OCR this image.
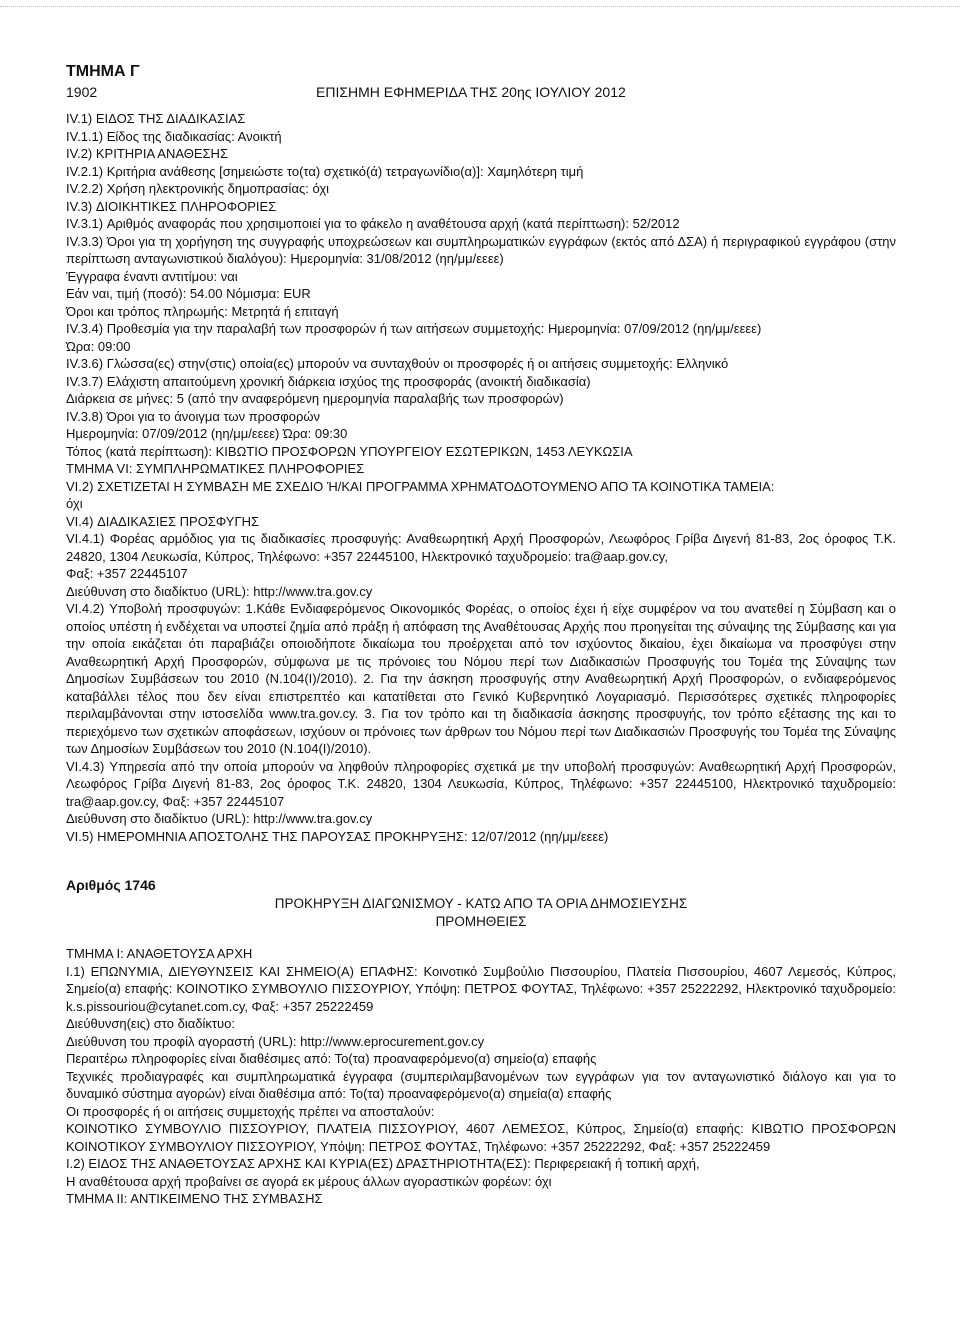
ΤΜΗΜΑ Γ

1902	ΕΠΙΣΗΜΗ ΕΦΗΜΕΡΙΔΑ ΤΗΣ 20ης ΙΟΥΛΙΟΥ 2012

IV.1) ΕΙΔΟΣ ΤΗΣ ΔΙΑΔΙΚΑΣΙΑΣ

IV.1.1) Είδος της διαδικασίας: Ανοικτή

IV.2) ΚΡΙΤΗΡΙΑ ΑΝΑΘΕΣΗΣ

IV.2.1) Κριτήρια ανάθεσης [σημειώστε το(τα) σχετικό(ά) τετραγωνίδιο(α)]: Χαμηλότερη τιμή

IV.2.2) Χρήση ηλεκτρονικής δημοπρασίας: όχι

IV.3) ΔΙΟΙΚΗΤΙΚΕΣ ΠΛΗΡΟΦΟΡΙΕΣ

IV.3.1) Αριθμός αναφοράς που χρησιμοποιεί για το φάκελο η αναθέτουσα αρχή (κατά περίπτωση): 52/2012

IV.3.3) Όροι για τη χορήγηση της συγγραφής υποχρεώσεων και συμπληρωματικών εγγράφων (εκτός από ΔΣΑ) ή περιγραφικού εγγράφου (στην περίπτωση ανταγωνιστικού διαλόγου): Ημερομηνία: 31/08/2012 (ηη/μμ/εεεε)

Έγγραφα έναντι αντιτίμου: ναι

Εάν ναι, τιμή (ποσό): 54.00 Νόμισμα: EUR

Όροι και τρόπος πληρωμής: Μετρητά ή επιταγή

IV.3.4) Προθεσμία για την παραλαβή των προσφορών ή των αιτήσεων συμμετοχής: Ημερομηνία: 07/09/2012 (ηη/μμ/εεεε)

Ώρα: 09:00

IV.3.6) Γλώσσα(ες) στην(στις) οποία(ες) μπορούν να συνταχθούν οι προσφορές ή οι αιτήσεις συμμετοχής: Ελληνικό

IV.3.7) Ελάχιστη απαιτούμενη χρονική διάρκεια ισχύος της προσφοράς (ανοικτή διαδικασία)

Διάρκεια σε μήνες: 5 (από την αναφερόμενη ημερομηνία παραλαβής των προσφορών)

IV.3.8) Όροι για το άνοιγμα των προσφορών

Ημερομηνία: 07/09/2012 (ηη/μμ/εεεε) Ώρα: 09:30

Τόπος (κατά περίπτωση): ΚΙΒΩΤΙΟ ΠΡΟΣΦΟΡΩΝ ΥΠΟΥΡΓΕΙΟΥ ΕΣΩΤΕΡΙΚΩΝ, 1453 ΛΕΥΚΩΣΙΑ

ΤΜΗΜΑ VI: ΣΥΜΠΛΗΡΩΜΑΤΙΚΕΣ ΠΛΗΡΟΦΟΡΙΕΣ

VI.2) ΣΧΕΤΙΖΕΤΑΙ Η ΣΥΜΒΑΣΗ ΜΕ ΣΧΕΔΙΟ Ή/ΚΑΙ ΠΡΟΓΡΑΜΜΑ ΧΡΗΜΑΤΟΔΟΤΟΥΜΕΝΟ ΑΠΟ ΤΑ ΚΟΙΝΟΤΙΚΑ ΤΑΜΕΙΑ:

όχι

VI.4) ΔΙΑΔΙΚΑΣΙΕΣ ΠΡΟΣΦΥΓΗΣ

VI.4.1) Φορέας αρμόδιος για τις διαδικασίες προσφυγής: Αναθεωρητική Αρχή Προσφορών, Λεωφόρος Γρίβα Διγενή 81-83, 2ος όροφος Τ.Κ. 24820, 1304 Λευκωσία, Κύπρος, Τηλέφωνο: +357 22445100, Ηλεκτρονικό ταχυδρομείο: tra@aap.gov.cy,

Φαξ: +357 22445107

Διεύθυνση στο διαδίκτυο (URL): http://www.tra.gov.cy

VI.4.2) Υποβολή προσφυγών: 1.Κάθε Ενδιαφερόμενος Οικονομικός Φορέας, ο οποίος έχει ή είχε συμφέρον να του ανατεθεί η Σύμβαση και ο οποίος υπέστη ή ενδέχεται να υποστεί ζημία από πράξη ή απόφαση της Αναθέτουσας Αρχής που προηγείται της σύναψης της Σύμβασης και για την οποία εικάζεται ότι παραβιάζει οποιοδήποτε δικαίωμα του προέρχεται από τον ισχύοντος δικαίου, έχει δικαίωμα να προσφύγει στην Αναθεωρητική Αρχή Προσφορών, σύμφωνα με τις πρόνοιες του Νόμου περί των Διαδικασιών Προσφυγής του Τομέα της Σύναψης των Δημοσίων Συμβάσεων του 2010 (Ν.104(Ι)/2010). 2. Για την άσκηση προσφυγής στην Αναθεωρητική Αρχή Προσφορών, ο ενδιαφερόμενος καταβάλλει τέλος που δεν είναι επιστρεπτέο και κατατίθεται στο Γενικό Κυβερνητικό Λογαριασμό. Περισσότερες σχετικές πληροφορίες περιλαμβάνονται στην ιστοσελίδα www.tra.gov.cy. 3. Για τον τρόπο και τη διαδικασία άσκησης προσφυγής, τον τρόπο εξέτασης της και το περιεχόμενο των σχετικών αποφάσεων, ισχύουν οι πρόνοιες των άρθρων του Νόμου περί των Διαδικασιών Προσφυγής του Τομέα της Σύναψης των Δημοσίων Συμβάσεων του 2010 (Ν.104(Ι)/2010).

VI.4.3) Υπηρεσία από την οποία μπορούν να ληφθούν πληροφορίες σχετικά με την υποβολή προσφυγών: Αναθεωρητική Αρχή Προσφορών, Λεωφόρος Γρίβα Διγενή 81-83, 2ος όροφος Τ.Κ. 24820, 1304 Λευκωσία, Κύπρος, Τηλέφωνο: +357 22445100, Ηλεκτρονικό ταχυδρομείο: tra@aap.gov.cy, Φαξ: +357 22445107

Διεύθυνση στο διαδίκτυο (URL): http://www.tra.gov.cy

VI.5) ΗΜΕΡΟΜΗΝΙΑ ΑΠΟΣΤΟΛΗΣ ΤΗΣ ΠΑΡΟΥΣΑΣ ΠΡΟΚΗΡΥΞΗΣ: 12/07/2012 (ηη/μμ/εεεε)

Αριθμός 1746

ΠΡΟΚΗΡΥΞΗ ΔΙΑΓΩΝΙΣΜΟΥ - ΚΑΤΩ ΑΠΟ ΤΑ ΟΡΙΑ ΔΗΜΟΣΙΕΥΣΗΣ

ΠΡΟΜΗΘΕΙΕΣ

ΤΜΗΜΑ Ι: ΑΝΑΘΕΤΟΥΣΑ ΑΡΧΗ

Ι.1) ΕΠΩΝΥΜΙΑ, ΔΙΕΥΘΥΝΣΕΙΣ ΚΑΙ ΣΗΜΕΙΟ(Α) ΕΠΑΦΗΣ: Κοινοτικό Συμβούλιο Πισσουρίου, Πλατεία Πισσουρίου, 4607 Λεμεσός, Κύπρος, Σημείο(α) επαφής: ΚΟΙΝΟΤΙΚΟ ΣΥΜΒΟΥΛΙΟ ΠΙΣΣΟΥΡΙΟΥ, Υπόψη: ΠΕΤΡΟΣ ΦΟΥΤΑΣ, Τηλέφωνο: +357 25222292, Ηλεκτρονικό ταχυδρομείο: k.s.pissouriou@cytanet.com.cy, Φαξ: +357 25222459

Διεύθυνση(εις) στο διαδίκτυο:

Διεύθυνση του προφίλ αγοραστή (URL): http://www.eprocurement.gov.cy

Περαιτέρω πληροφορίες είναι διαθέσιμες από: Το(τα) προαναφερόμενο(α) σημείο(α) επαφής

Τεχνικές προδιαγραφές και συμπληρωματικά έγγραφα (συμπεριλαμβανομένων των εγγράφων για τον ανταγωνιστικό διάλογο και για το δυναμικό σύστημα αγορών) είναι διαθέσιμα από: Το(τα) προαναφερόμενο(α) σημεία(α) επαφής

Οι προσφορές ή οι αιτήσεις συμμετοχής πρέπει να αποσταλούν:

ΚΟΙΝΟΤΙΚΟ ΣΥΜΒΟΥΛΙΟ ΠΙΣΣΟΥΡΙΟΥ, ΠΛΑΤΕΙΑ ΠΙΣΣΟΥΡΙΟΥ, 4607 ΛΕΜΕΣΟΣ, Κύπρος, Σημείο(α) επαφής: ΚΙΒΩΤΙΟ ΠΡΟΣΦΟΡΩΝ ΚΟΙΝΟΤΙΚΟΥ ΣΥΜΒΟΥΛΙΟΥ ΠΙΣΣΟΥΡΙΟΥ, Υπόψη: ΠΕΤΡΟΣ ΦΟΥΤΑΣ, Τηλέφωνο: +357 25222292, Φαξ: +357 25222459

Ι.2) ΕΙΔΟΣ ΤΗΣ ΑΝΑΘΕΤΟΥΣΑΣ ΑΡΧΗΣ ΚΑΙ ΚΥΡΙΑ(ΕΣ) ΔΡΑΣΤΗΡΙΟΤΗΤΑ(ΕΣ): Περιφερειακή ή τοπική αρχή,

Η αναθέτουσα αρχή προβαίνει σε αγορά εκ μέρους άλλων αγοραστικών φορέων: όχι

ΤΜΗΜΑ ΙΙ: ΑΝΤΙΚΕΙΜΕΝΟ ΤΗΣ ΣΥΜΒΑΣΗΣ
